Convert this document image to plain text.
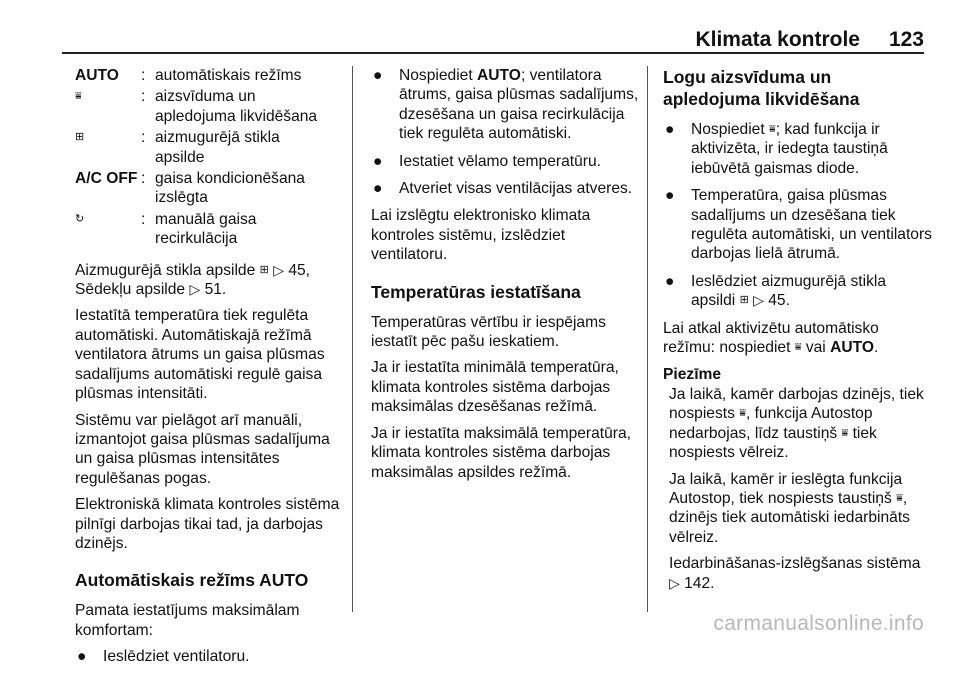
Klimata kontrole 123
AUTO	: automātiskais režīms
⩸	: aizsvīduma un
apledojuma likvidēšana
⊞	: aizmugurējā stikla
apsilde
A/C OFF : gaisa kondicionēšana
izslēgta
↻	: manuālā gaisa
recirkulācija

Aizmugurējā stikla apsilde ⊞ ▷ 45,
Sēdekļu apsilde ▷ 51.

Iestatītā temperatūra tiek regulēta automātiski. Automātiskajā režīmā ventilatora ātrums un gaisa plūsmas sadalījums automātiski regulē gaisa plūsmas intensitāti.

Sistēmu var pielāgot arī manuāli, izmantojot gaisa plūsmas sadalījuma un gaisa plūsmas intensitātes regulēšanas pogas.

Elektroniskā klimata kontroles sistēma pilnīgi darbojas tikai tad, ja darbojas dzinējs.

Automātiskais režīms AUTO

Pamata iestatījums maksimālam komfortam:

●	Ieslēdziet ventilatoru.
●	Nospiediet AUTO; ventilatora ātrums, gaisa plūsmas sadalījums, dzesēšana un gaisa recirkulācija tiek regulēta automātiski.
●	Iestatiet vēlamo temperatūru.
●	Atveriet visas ventilācijas atveres.

Lai izslēgtu elektronisko klimata kontroles sistēmu, izslēdziet ventilatoru.

Temperatūras iestatīšana

Temperatūras vērtību ir iespējams iestatīt pēc pašu ieskatiem.

Ja ir iestatīta minimālā temperatūra, klimata kontroles sistēma darbojas maksimālas dzesēšanas režīmā.

Ja ir iestatīta maksimālā temperatūra, klimata kontroles sistēma darbojas maksimālas apsildes režīmā.

Logu aizsvīduma un apledojuma likvidēšana
●	Nospiediet ⩸; kad funkcija ir aktivizēta, ir iedegta taustiņā iebūvētā gaismas diode.
●	Temperatūra, gaisa plūsmas sadalījums un dzesēšana tiek regulēta automātiski, un ventilators darbojas lielā ātrumā.
●	Ieslēdziet aizmugurējā stikla apsildi ⊞ ▷ 45.

Lai atkal aktivizētu automātisko režīmu: nospiediet ⩸ vai AUTO.

Piezīme

Ja laikā, kamēr darbojas dzinējs, tiek nospiests ⩸, funkcija Autostop nedarbojas, līdz taustiņš ⩸ tiek nospiests vēlreiz.

Ja laikā, kamēr ir ieslēgta funkcija Autostop, tiek nospiests taustiņš ⩸, dzinējs tiek automātiski iedarbināts vēlreiz.

Iedarbināšanas-izslēgšanas sistēma ▷ 142.

carmanualsonline.info
